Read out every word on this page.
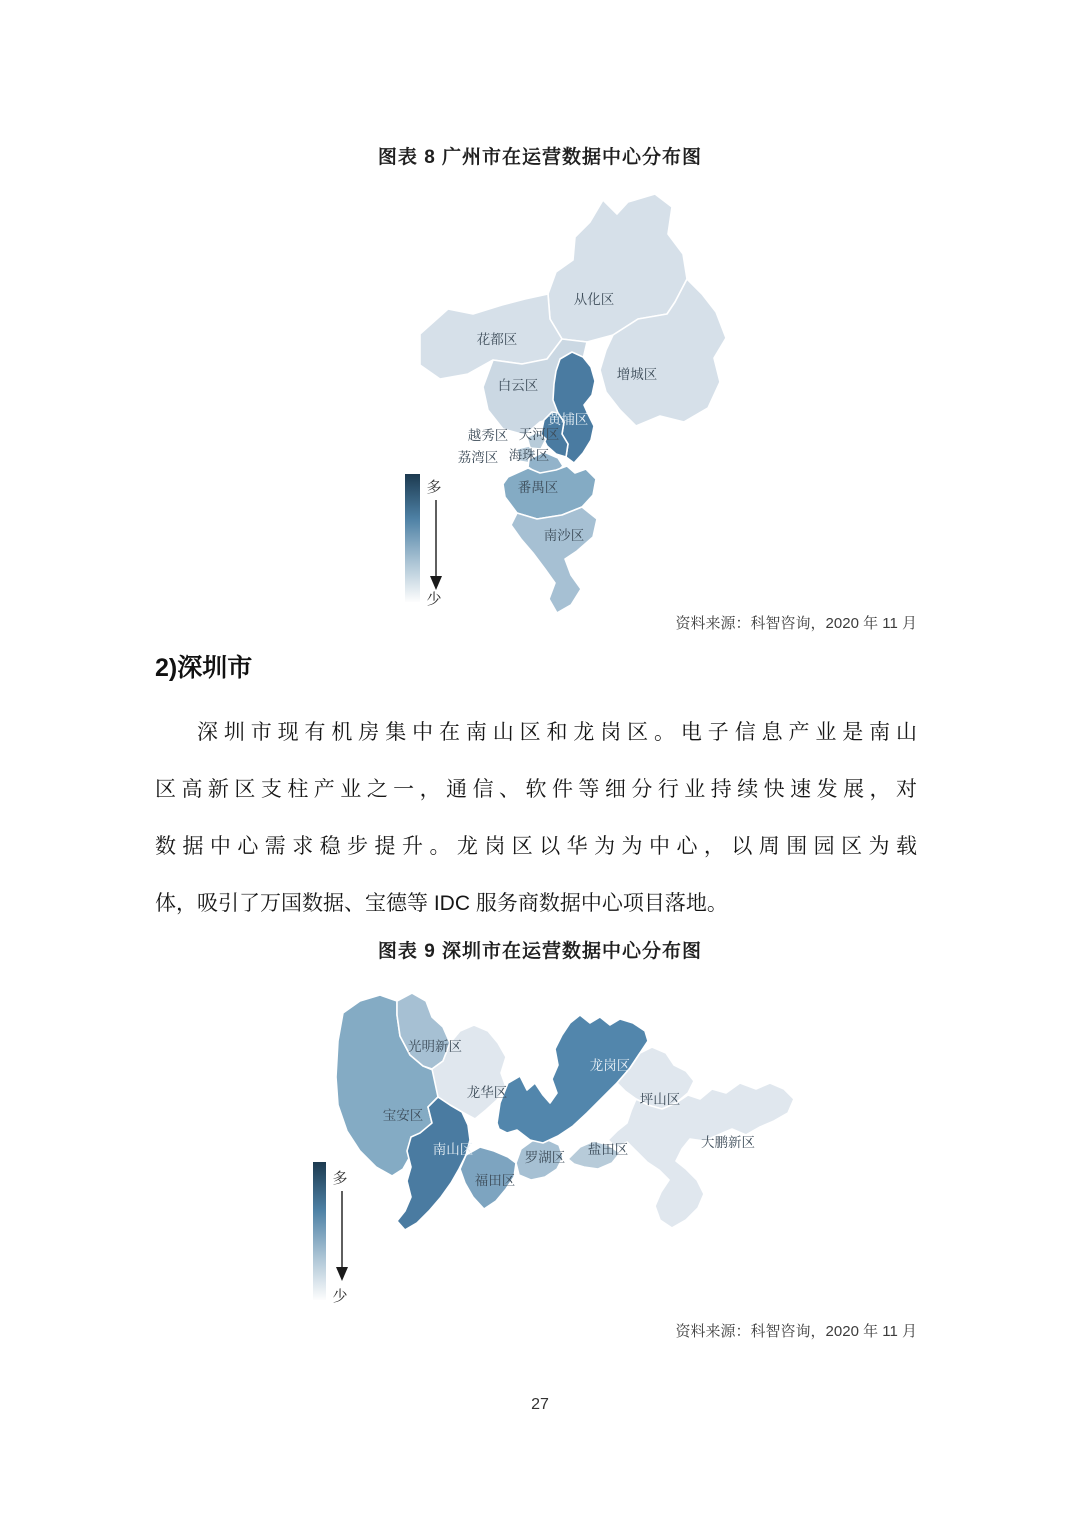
图表 8 广州市在运营数据中心分布图
从化区
花都区
增城区
白云区
黄埔区
天河区
越秀区
荔湾区 海珠区
番禺区
南沙区
多
少
资料来源：科智咨询，2020 年 11 月
2)深圳市
深圳市现有机房集中在南山区和龙岗区。电子信息产业是南山
区高新区支柱产业之一，通信、软件等细分行业持续快速发展，对
数据中心需求稳步提升。龙岗区以华为为中心，以周围园区为载
体，吸引了万国数据、宝德等 IDC 服务商数据中心项目落地。
图表 9 深圳市在运营数据中心分布图
光明新区
龙华区
宝安区
南山区
福田区
罗湖区
盐田区
龙岗区
坪山区
大鹏新区
多
少
资料来源：科智咨询，2020 年 11 月
27
